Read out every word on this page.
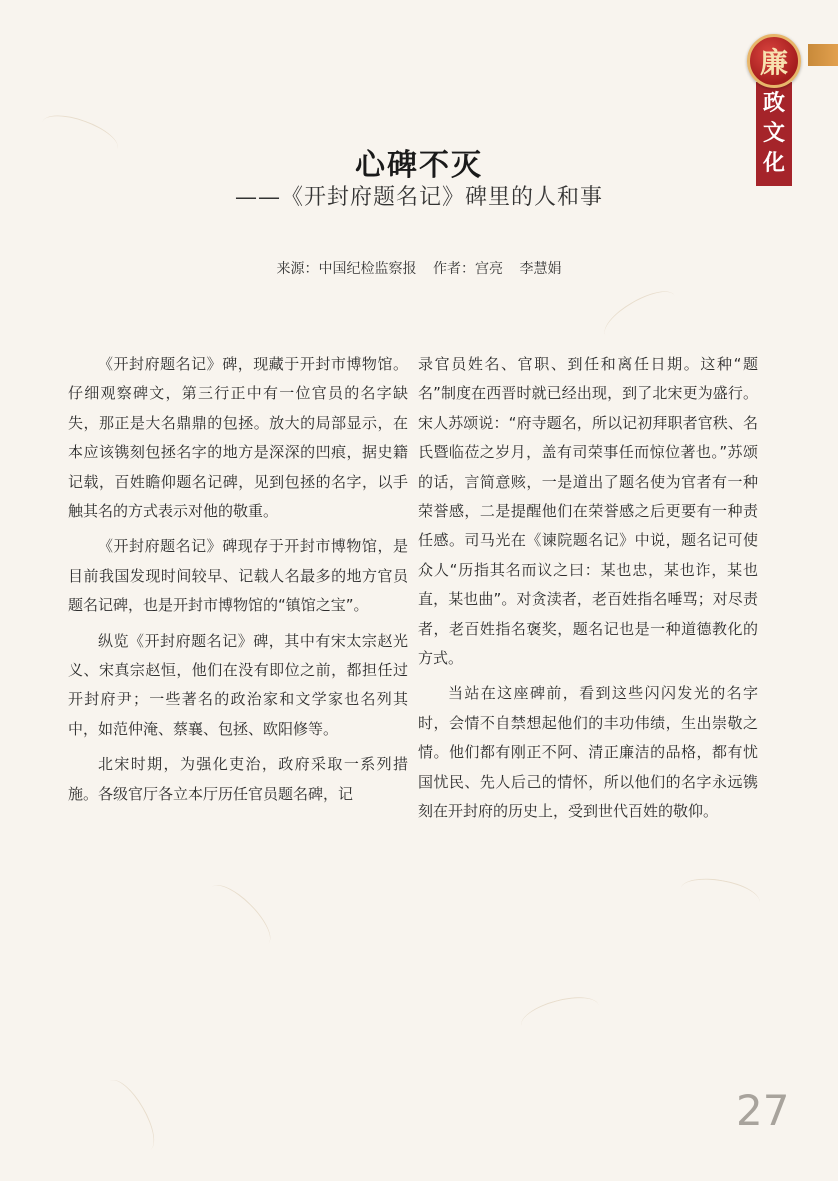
政
文
化
廉
心碑不灭
——《开封府题名记》碑里的人和事
来源：中国纪检监察报 作者：宫亮 李慧娟

《开封府题名记》碑，现藏于开封市博物馆。仔细观察碑文，第三行正中有一位官员的名字缺失，那正是大名鼎鼎的包拯。放大的局部显示，在本应该镌刻包拯名字的地方是深深的凹痕，据史籍记载，百姓瞻仰题名记碑，见到包拯的名字，以手触其名的方式表示对他的敬重。

《开封府题名记》碑现存于开封市博物馆，是目前我国发现时间较早、记载人名最多的地方官员题名记碑，也是开封市博物馆的“镇馆之宝”。

纵览《开封府题名记》碑，其中有宋太宗赵光义、宋真宗赵恒，他们在没有即位之前，都担任过开封府尹；一些著名的政治家和文学家也名列其中，如范仲淹、蔡襄、包拯、欧阳修等。

北宋时期，为强化吏治，政府采取一系列措施。各级官厅各立本厅历任官员题名碑，记

录官员姓名、官职、到任和离任日期。这种“题名”制度在西晋时就已经出现，到了北宋更为盛行。宋人苏颂说：“府寺题名，所以记初拜职者官秩、名氏暨临莅之岁月，盖有司荣事任而惊位著也。”苏颂的话，言简意赅，一是道出了题名使为官者有一种荣誉感，二是提醒他们在荣誉感之后更要有一种责任感。司马光在《谏院题名记》中说，题名记可使众人“历指其名而议之曰：某也忠，某也诈，某也直，某也曲”。对贪渎者，老百姓指名唾骂；对尽责者，老百姓指名褒奖，题名记也是一种道德教化的方式。

当站在这座碑前，看到这些闪闪发光的名字时，会情不自禁想起他们的丰功伟绩，生出崇敬之情。他们都有刚正不阿、清正廉洁的品格，都有忧国忧民、先人后己的情怀，所以他们的名字永远镌刻在开封府的历史上，受到世代百姓的敬仰。

27
